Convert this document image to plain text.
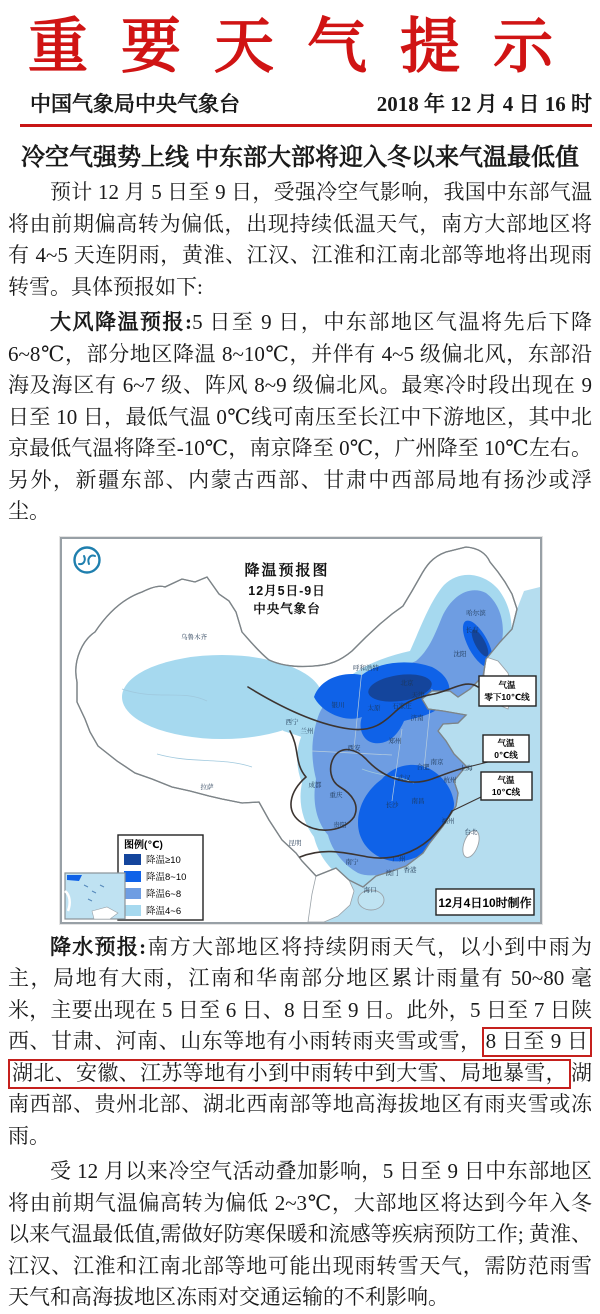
重要天气提示
中国气象局中央气象台	2018 年 12 月 4 日 16 时
冷空气强势上线 中东部大部将迎入冬以来气温最低值

预计 12 月 5 日至 9 日，受强冷空气影响，我国中东部气温将由前期偏高转为偏低，出现持续低温天气，南方大部地区将有 4~5 天连阴雨，黄淮、江汉、江淮和江南北部等地将出现雨转雪。具体预报如下:

大风降温预报:5 日至 9 日，中东部地区气温将先后下降 6~8℃，部分地区降温 8~10℃，并伴有 4~5 级偏北风，东部沿海及海区有 6~7 级、阵风 8~9 级偏北风。最寒冷时段出现在 9 日至 10 日，最低气温 0℃线可南压至长江中下游地区，其中北京最低气温将降至-10℃，南京降至 0℃，广州降至 10℃左右。另外，新疆东部、内蒙古西部、甘肃中西部局地有扬沙或浮尘。

降温预报图
12月5日-9日
中央气象台
气温
零下10℃线
气温
0℃线
气温
10℃线
乌鲁木齐
哈尔滨
长春
沈阳
呼和浩特
北京
天津
银川	太原 石家庄
济南
西宁
兰州
郑州
西安
合肥
南京
上海
杭州
武汉
成都
重庆
拉萨
长沙
南昌
贵阳
昆明
福州
台北
广州
南宁
澳门 香港
海口
图例(℃)
降温≥10
降温8~10
降温6~8
降温4~6
12月4日10时制作

降水预报:南方大部地区将持续阴雨天气，以小到中雨为主，局地有大雨，江南和华南部分地区累计雨量有 50~80 毫米，主要出现在 5 日至 6 日、8 日至 9 日。此外，5 日至 7 日陕西、甘肃、河南、山东等地有小雨转雨夹雪或雪， 8 日至 9 日湖北、安徽、江苏等地有小到中雨转中到大雪、局地暴雪， 湖南西部、贵州北部、湖北西南部等地高海拔地区有雨夹雪或冻雨。

受 12 月以来冷空气活动叠加影响，5 日至 9 日中东部地区将由前期气温偏高转为偏低 2~3℃，大部地区将达到今年入冬以来气温最低值,需做好防寒保暖和流感等疾病预防工作; 黄淮、江汉、江淮和江南北部等地可能出现雨转雪天气，需防范雨雪天气和高海拔地区冻雨对交通运输的不利影响。
